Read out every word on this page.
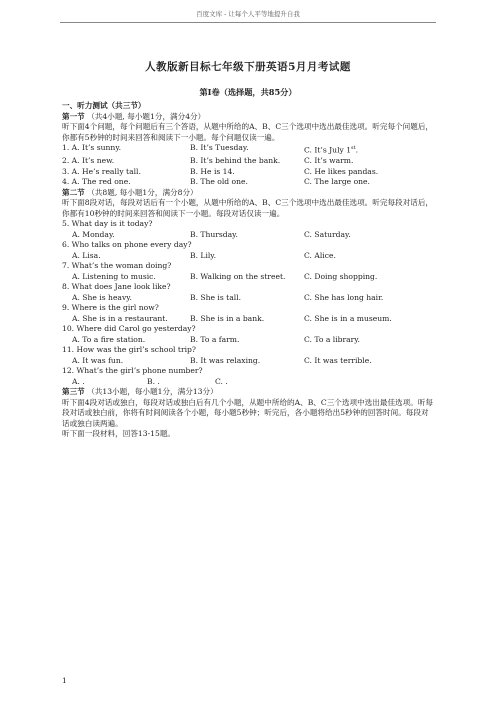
百度文库 - 让每个人平等地提升自我
人教版新目标七年级下册英语5月月考试题
第I卷（选择题，共85分）
一、听力测试（共三节）
第一节 （共4小题, 每小题1分，满分4分）
听下面4个问题，每个问题后有三个答语，从题中所给的A、B、C三个选项中选出最佳选项。听完每个问题后，你都有5秒钟的时间来回答和阅读下一小题。每个问题仅读一遍。
1. A. It’s sunny.	B. It’s Tuesday.	C. It’s July 1st.
2. A. It’s new.	B. It’s behind the bank.	C. It’s warm.
3. A. He’s really tall.	B. He is 14.	C. He likes pandas.
4. A. The red one.	B. The old one.	C. The large one.
第二节 （共8题, 每小题1分，满分8分）
听下面8段对话，每段对话后有一个小题，从题中所给的A、B、C三个选项中选出最佳选项。听完每段对话后，你都有10秒钟的时间来回答和阅读下一小题。每段对话仅读一遍。
5. What day is it today?
A. Monday.	B. Thursday.	C. Saturday.
6. Who talks on phone every day?
A. Lisa.	B. Lily.	C. Alice.
7. What’s the woman doing?
A. Listening to music.	B. Walking on the street.	C. Doing shopping.
8. What does Jane look like?
A. She is heavy.	B. She is tall.	C. She has long hair.
9. Where is the girl now?
A. She is in a restaurant.	B. She is in a bank.	C. She is in a museum.
10. Where did Carol go yesterday?
A. To a fire station.	B. To a farm.	C. To a library.
11. How was the girl’s school trip?
A. It was fun.	B. It was relaxing.	C. It was terrible.
12. What’s the girl’s phone number?
A. .	B. .	C. .
第三节 （共13小题，每小题1分，满分13分）
听下面4段对话或独白，每段对话或独白后有几个小题，从题中所给的A、B、C三个选项中选出最佳选项。听每段对话或独白前，你将有时间阅读各个小题，每小题5秒钟；听完后，各小题将给出5秒钟的回答时间。每段对话或独白读两遍。
听下面一段材料，回答13-15题。
1
